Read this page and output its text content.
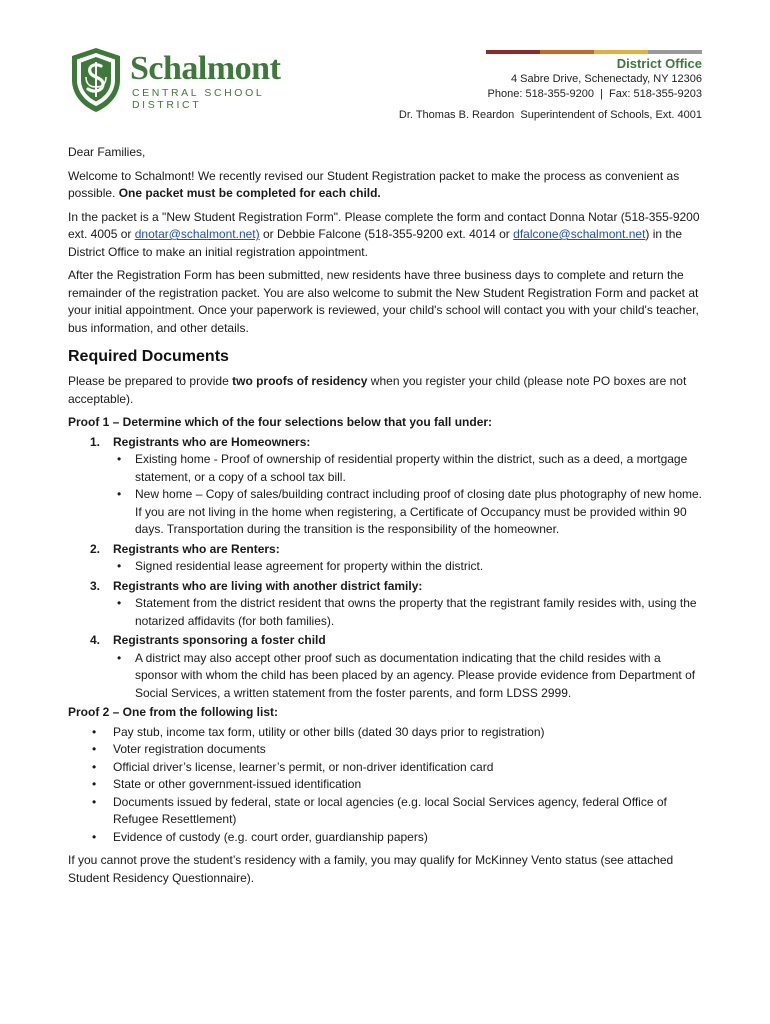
Schalmont
CENTRAL SCHOOL DISTRICT
District Office
4 Sabre Drive, Schenectady, NY 12306
Phone: 518-355-9200  |  Fax: 518-355-9203
Dr. Thomas B. Reardon  Superintendent of Schools, Ext. 4001

Dear Families,

Welcome to Schalmont! We recently revised our Student Registration packet to make the process as convenient as possible. One packet must be completed for each child.

In the packet is a "New Student Registration Form". Please complete the form and contact Donna Notar (518-355-9200 ext. 4005 or dnotar@schalmont.net) or Debbie Falcone (518-355-9200 ext. 4014 or dfalcone@schalmont.net) in the District Office to make an initial registration appointment.

After the Registration Form has been submitted, new residents have three business days to complete and return the remainder of the registration packet. You are also welcome to submit the New Student Registration Form and packet at your initial appointment. Once your paperwork is reviewed, your child's school will contact you with your child's teacher, bus information, and other details.

Required Documents

Please be prepared to provide two proofs of residency when you register your child (please note PO boxes are not acceptable).

Proof 1 – Determine which of the four selections below that you fall under:
1. Registrants who are Homeowners:
• Existing home - Proof of ownership of residential property within the district, such as a deed, a mortgage statement, or a copy of a school tax bill.
• New home – Copy of sales/building contract including proof of closing date plus photography of new home. If you are not living in the home when registering, a Certificate of Occupancy must be provided within 90 days. Transportation during the transition is the responsibility of the homeowner.
2. Registrants who are Renters:
• Signed residential lease agreement for property within the district.
3. Registrants who are living with another district family:
• Statement from the district resident that owns the property that the registrant family resides with, using the notarized affidavits (for both families).
4. Registrants sponsoring a foster child
• A district may also accept other proof such as documentation indicating that the child resides with a sponsor with whom the child has been placed by an agency. Please provide evidence from Department of Social Services, a written statement from the foster parents, and form LDSS 2999.
Proof 2 – One from the following list:
• Pay stub, income tax form, utility or other bills (dated 30 days prior to registration)
• Voter registration documents
• Official driver’s license, learner’s permit, or non-driver identification card
• State or other government-issued identification
• Documents issued by federal, state or local agencies (e.g. local Social Services agency, federal Office of Refugee Resettlement)
• Evidence of custody (e.g. court order, guardianship papers)

If you cannot prove the student’s residency with a family, you may qualify for McKinney Vento status (see attached Student Residency Questionnaire).
